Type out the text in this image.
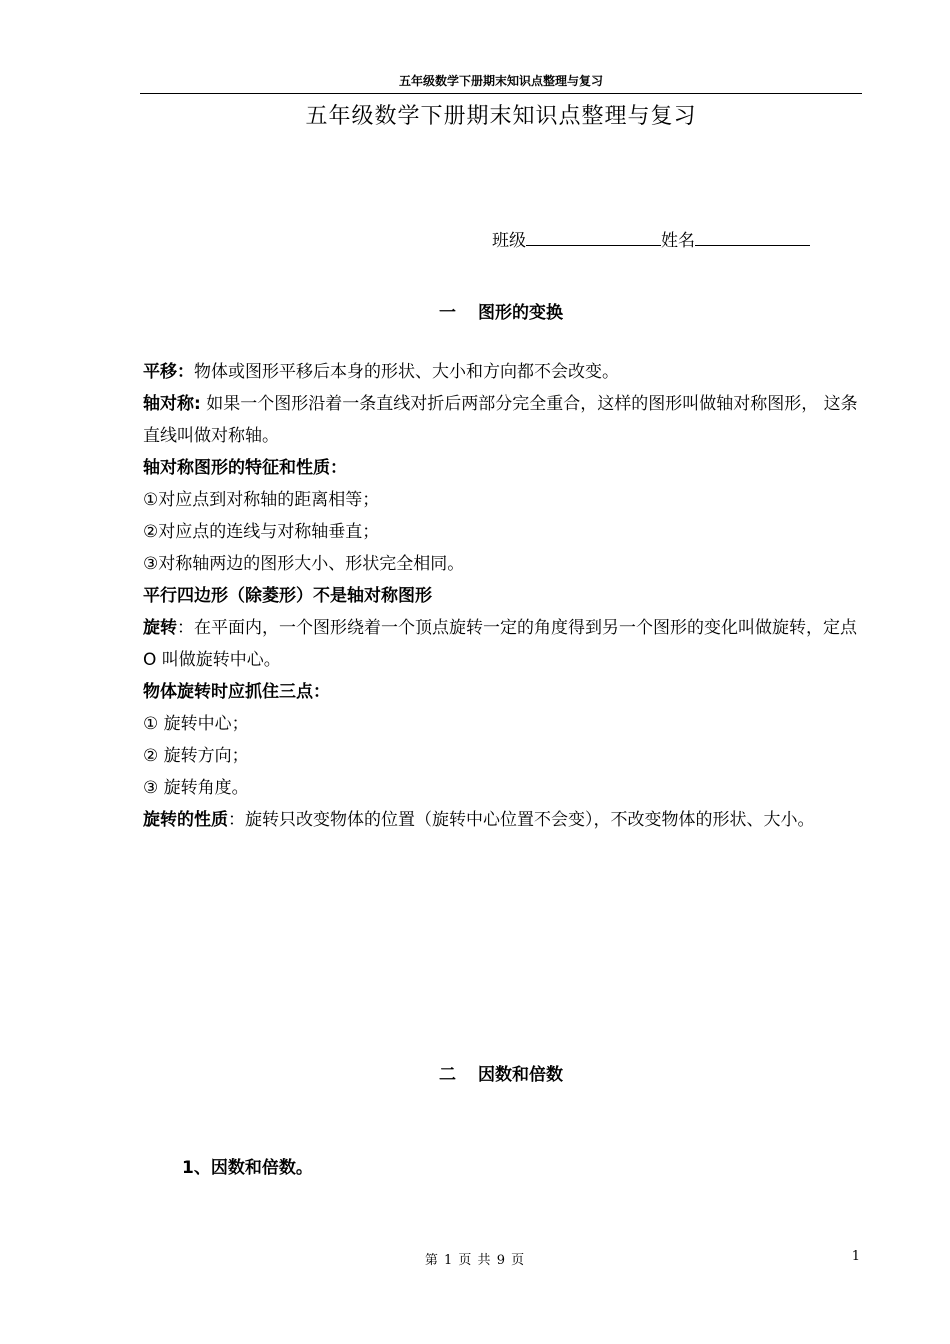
五年级数学下册期末知识点整理与复习
五年级数学下册期末知识点整理与复习
班级	姓名
一 图形的变换

平移：物体或图形平移后本身的形状、大小和方向都不会改变。

轴对称: 如果一个图形沿着一条直线对折后两部分完全重合，这样的图形叫做轴对称图形， 这条直线叫做对称轴。

轴对称图形的特征和性质：

①对应点到对称轴的距离相等；

②对应点的连线与对称轴垂直；

③对称轴两边的图形大小、形状完全相同。

平行四边形（除菱形）不是轴对称图形

旋转：在平面内，一个图形绕着一个顶点旋转一定的角度得到另一个图形的变化叫做旋转，定点 O 叫做旋转中心。

物体旋转时应抓住三点：

① 旋转中心；

② 旋转方向；

③ 旋转角度。

旋转的性质：旋转只改变物体的位置（旋转中心位置不会变），不改变物体的形状、大小。

二 因数和倍数
1、因数和倍数。
第 1 页 共 9 页	1
